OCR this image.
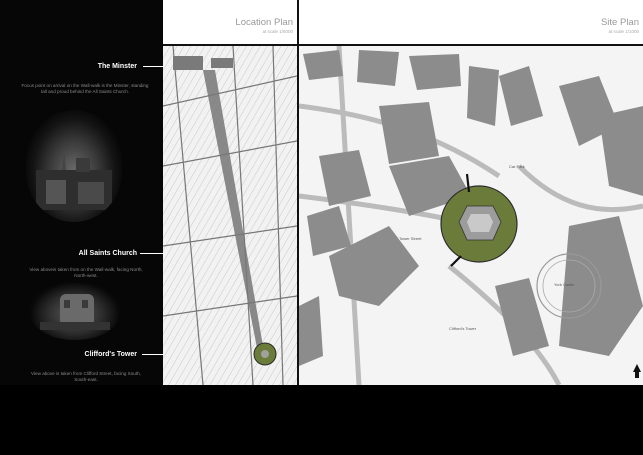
The Minster
Focus point on arrival on the Wall-walk is the Minster, standing tall and proud behind the All Saints Church.
All Saints Church
View aboveis taken from on the Wall-walk, facing North, North-west.
Clifford's Tower
View above is taken from Clifford Street, facing South, South-east.
Location Plan
at scale 1/5000
Site Plan
at scale 1/1000
Car Park
York Castle
Clifford's Tower
Tower Street
